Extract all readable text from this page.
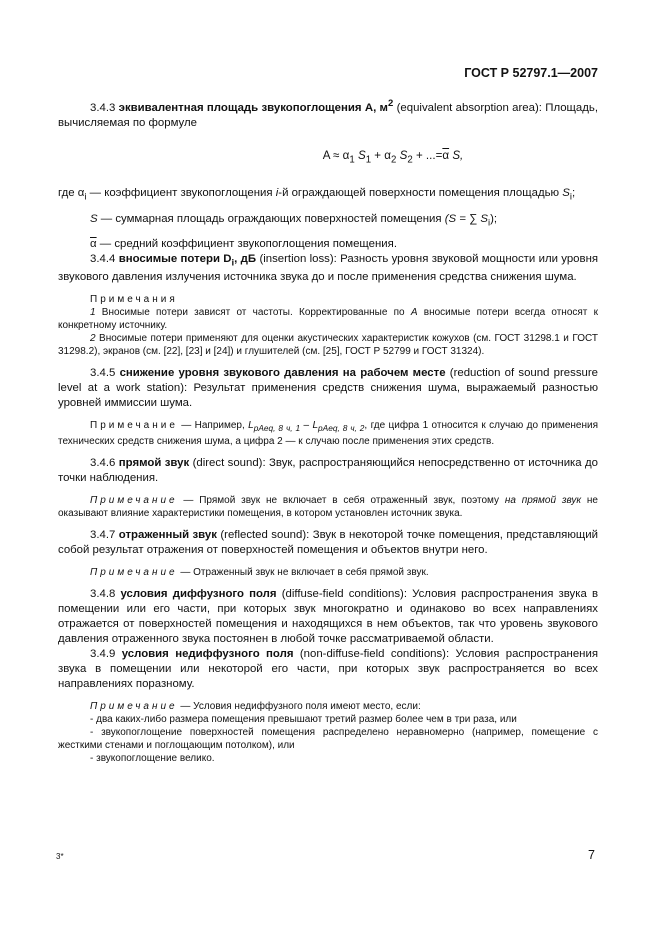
ГОСТ Р 52797.1—2007

3.4.3 эквивалентная площадь звукопоглощения A, $м^2$ (equivalent absorption area): Площадь, вычисляемая по формуле

$A \approx \alpha_1$ $S_1 + \alpha_2$ $S_2 + ...=\overline{\alpha}$ S,

где $\alpha_i$ — коэффициент звукопоглощения i-й ограждающей поверхности помещения площадью $S_i$;

S — суммарная площадь ограждающих поверхностей помещения (S = ∑ $S_i$);

$\overline{\alpha}$ — средний коэффициент звукопоглощения помещения.

3.4.4 вносимые потери $D_i$, дБ (insertion loss): Разность уровня звуковой мощности или уровня звукового давления излучения источника звука до и после применения средства снижения шума.

Примечания

1 Вносимые потери зависят от частоты. Корректированные по A вносимые потери всегда относят к конкретному источнику.

2 Вносимые потери применяют для оценки акустических характеристик кожухов (см. ГОСТ 31298.1 и ГОСТ 31298.2), экранов (см. [22], [23] и [24]) и глушителей (см. [25], ГОСТ Р 52799 и ГОСТ 31324).

3.4.5 снижение уровня звукового давления на рабочем месте (reduction of sound pressure level at a work station): Результат применения средств снижения шума, выражаемый разностью уровней иммиссии шума.

Примечание — Например, $L_{pAeq, 8 ч, 1} - L_{pAeq, 8 ч, 2}$, где цифра 1 относится к случаю до применения технических средств снижения шума, а цифра 2 — к случаю после применения этих средств.

3.4.6 прямой звук (direct sound): Звук, распространяющийся непосредственно от источника до точки наблюдения.

Примечание — Прямой звук не включает в себя отраженный звук, поэтому на прямой звук не оказывают влияние характеристики помещения, в котором установлен источник звука.

3.4.7 отраженный звук (reflected sound): Звук в некоторой точке помещения, представляющий собой результат отражения от поверхностей помещения и объектов внутри него.

Примечание — Отраженный звук не включает в себя прямой звук.

3.4.8 условия диффузного поля (diffuse-field conditions): Условия распространения звука в помещении или его части, при которых звук многократно и одинаково во всех направлениях отражается от поверхностей помещения и находящихся в нем объектов, так что уровень звукового давления отраженного звука постоянен в любой точке рассматриваемой области.

3.4.9 условия недиффузного поля (non-diffuse-field conditions): Условия распространения звука в помещении или некоторой его части, при которых звук распространяется во всех направлениях поразному.

Примечание — Условия недиффузного поля имеют место, если:

- два каких-либо размера помещения превышают третий размер более чем в три раза, или

- звукопоглощение поверхностей помещения распределено неравномерно (например, помещение с жесткими стенами и поглощающим потолком), или

- звукопоглощение велико.

3*	7
